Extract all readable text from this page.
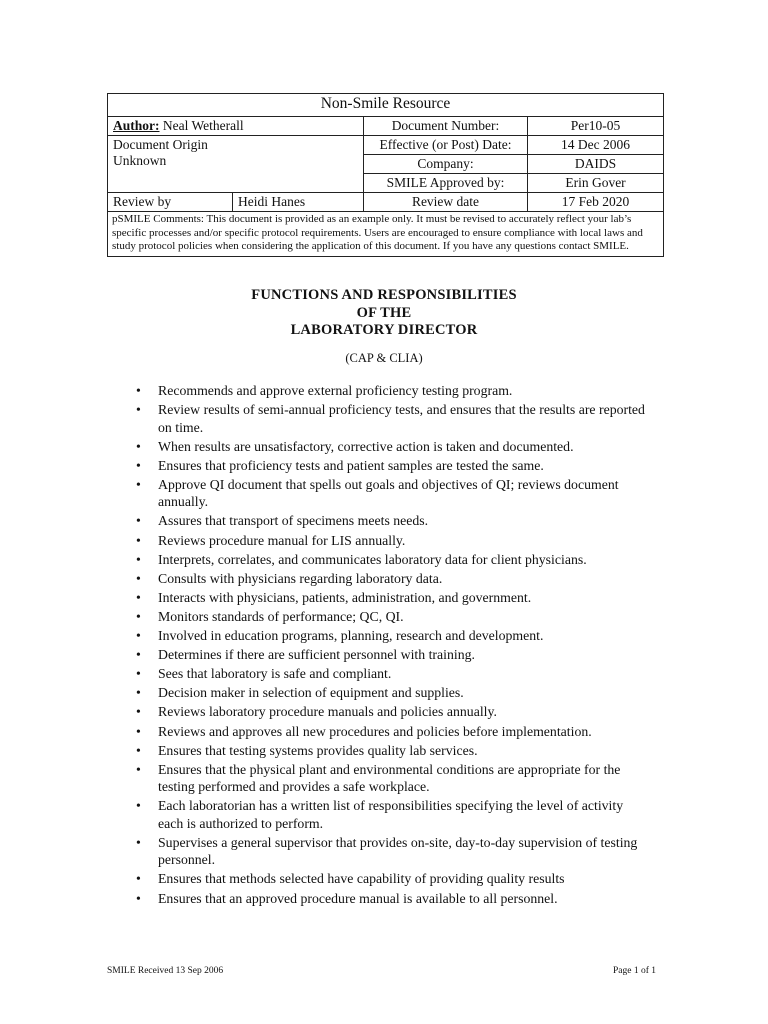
Non-Smile Resource			
Author: Neal Wetherall		Document Number:	Per10-05

Document Origin
Unknown		Effective (or Post) Date:	14 Dec 2006
		Company:	DAIDS
		SMILE Approved by:	Erin Gover
Review by	Heidi Hanes	Review date	17 Feb 2020
pSMILE Comments: This document is provided as an example only. It must be revised to accurately reflect your lab’s specific processes and/or specific protocol requirements. Users are encouraged to ensure compliance with local laws and study protocol policies when considering the application of this document. If you have any questions contact SMILE.			
FUNCTIONS AND RESPONSIBILITIES
OF THE
LABORATORY DIRECTOR
(CAP & CLIA)
• Recommends and approve external proficiency testing program.
• Review results of semi-annual proficiency tests, and ensures that the results are reported on time.
• When results are unsatisfactory, corrective action is taken and documented.
• Ensures that proficiency tests and patient samples are tested the same.
• Approve QI document that spells out goals and objectives of QI; reviews document annually.
• Assures that transport of specimens meets needs.
• Reviews procedure manual for LIS annually.
• Interprets, correlates, and communicates laboratory data for client physicians.
• Consults with physicians regarding laboratory data.
• Interacts with physicians, patients, administration, and government.
• Monitors standards of performance; QC, QI.
• Involved in education programs, planning, research and development.
• Determines if there are sufficient personnel with training.
• Sees that laboratory is safe and compliant.
• Decision maker in selection of equipment and supplies.
• Reviews laboratory procedure manuals and policies annually.
• Reviews and approves all new procedures and policies before implementation.
• Ensures that testing systems provides quality lab services.
• Ensures that the physical plant and environmental conditions are appropriate for the testing performed and provides a safe workplace.
• Each laboratorian has a written list of responsibilities specifying the level of activity each is authorized to perform.
• Supervises a general supervisor that provides on-site, day-to-day supervision of testing personnel.
• Ensures that methods selected have capability of providing quality results
• Ensures that an approved procedure manual is available to all personnel.
SMILE Received 13 Sep 2006	Page 1 of 1
